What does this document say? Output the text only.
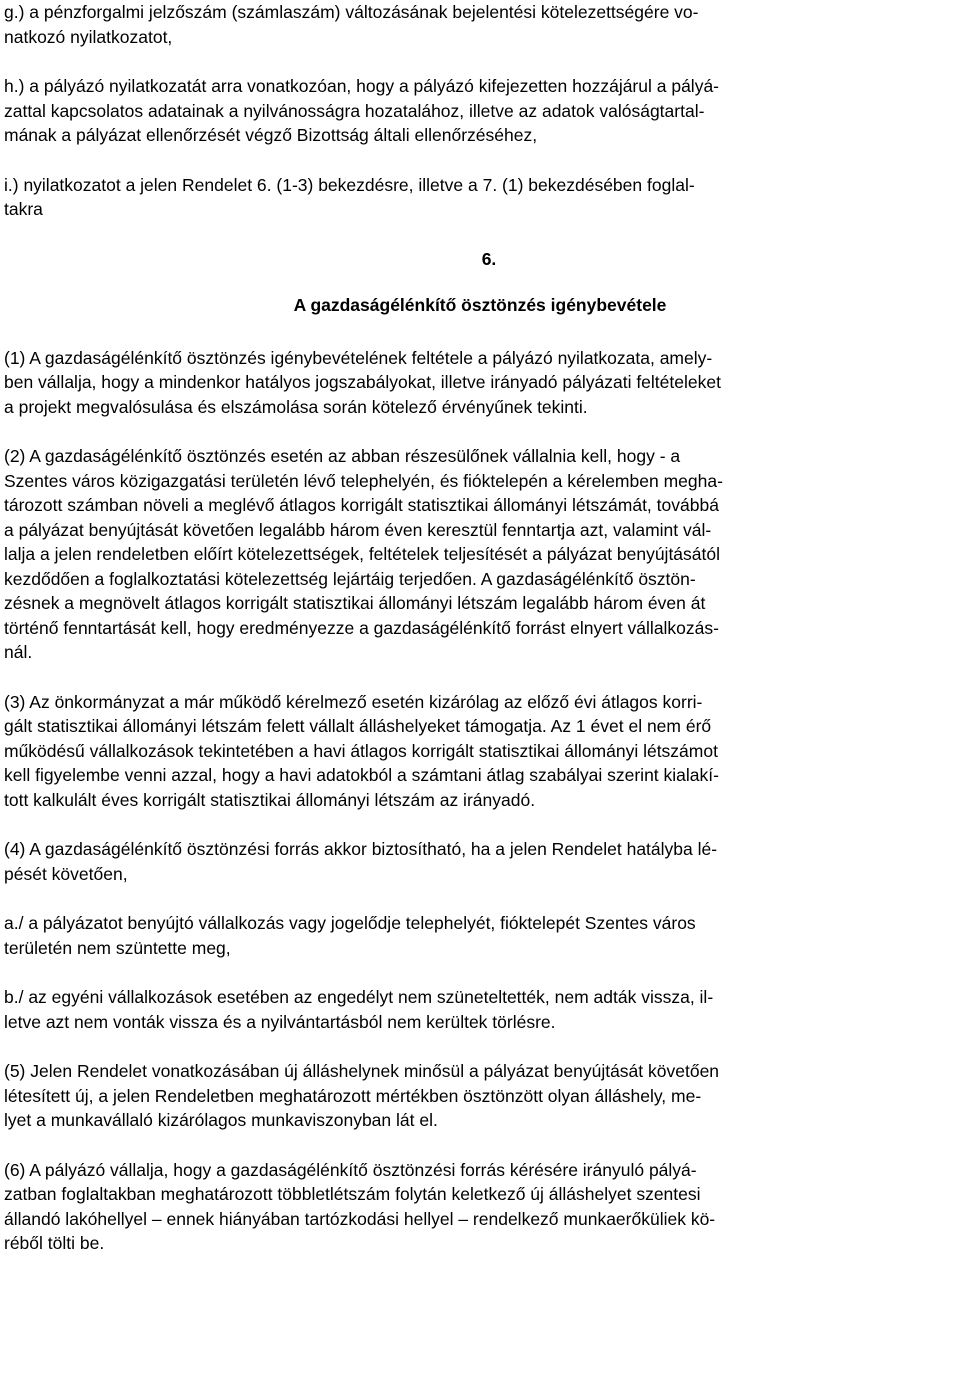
g.) a pénzforgalmi jelzőszám (számlaszám) változásának bejelentési kötelezettségére vo-
natkozó nyilatkozatot,

h.) a pályázó nyilatkozatát arra vonatkozóan, hogy a pályázó kifejezetten hozzájárul a pályá-
zattal kapcsolatos adatainak a nyilvánosságra hozatalához, illetve az adatok valóságtartal-
mának a pályázat ellenőrzését végző Bizottság általi ellenőrzéséhez,

i.) nyilatkozatot a jelen Rendelet 6. (1-3) bekezdésre, illetve a 7. (1) bekezdésében foglal-
takra

6.

A gazdaságélénkítő ösztönzés igénybevétele

(1) A gazdaságélénkítő ösztönzés igénybevételének feltétele a pályázó nyilatkozata, amely-
ben vállalja, hogy a mindenkor hatályos jogszabályokat, illetve irányadó pályázati feltételeket
a projekt megvalósulása és elszámolása során kötelező érvényűnek tekinti.

(2) A gazdaságélénkítő ösztönzés esetén az abban részesülőnek vállalnia kell, hogy - a
Szentes város közigazgatási területén lévő telephelyén, és fióktelepén a kérelemben megha-
tározott számban növeli a meglévő átlagos korrigált statisztikai állományi létszámát, továbbá
a pályázat benyújtását követően legalább három éven keresztül fenntartja azt, valamint vál-
lalja a jelen rendeletben előírt kötelezettségek, feltételek teljesítését a pályázat benyújtásától
kezdődően a foglalkoztatási kötelezettség lejártáig terjedően. A gazdaságélénkítő ösztön-
zésnek a megnövelt átlagos korrigált statisztikai állományi létszám legalább három éven át
történő fenntartását kell, hogy eredményezze a gazdaságélénkítő forrást elnyert vállalkozás-
nál.

(3) Az önkormányzat a már működő kérelmező esetén kizárólag az előző évi átlagos korri-
gált statisztikai állományi létszám felett vállalt álláshelyeket támogatja. Az 1 évet el nem érő
működésű vállalkozások tekintetében a havi átlagos korrigált statisztikai állományi létszámot
kell figyelembe venni azzal, hogy a havi adatokból a számtani átlag szabályai szerint kialakí-
tott kalkulált éves korrigált statisztikai állományi létszám az irányadó.

(4) A gazdaságélénkítő ösztönzési forrás akkor biztosítható, ha a jelen Rendelet hatályba lé-
pését követően,

a./ a pályázatot benyújtó vállalkozás vagy jogelődje telephelyét, fióktelepét Szentes város
területén nem szüntette meg,

b./ az egyéni vállalkozások esetében az engedélyt nem szüneteltették, nem adták vissza, il-
letve azt nem vonták vissza és a nyilvántartásból nem kerültek törlésre.

(5) Jelen Rendelet vonatkozásában új álláshelynek minősül a pályázat benyújtását követően
létesített új, a jelen Rendeletben meghatározott mértékben ösztönzött olyan álláshely, me-
lyet a munkavállaló kizárólagos munkaviszonyban lát el.

(6) A pályázó vállalja, hogy a gazdaságélénkítő ösztönzési forrás kérésére irányuló pályá-
zatban foglaltakban meghatározott többletlétszám folytán keletkező új álláshelyet szentesi
állandó lakóhellyel – ennek hiányában tartózkodási hellyel – rendelkező munkaerőküliek kö-
réből tölti be.
